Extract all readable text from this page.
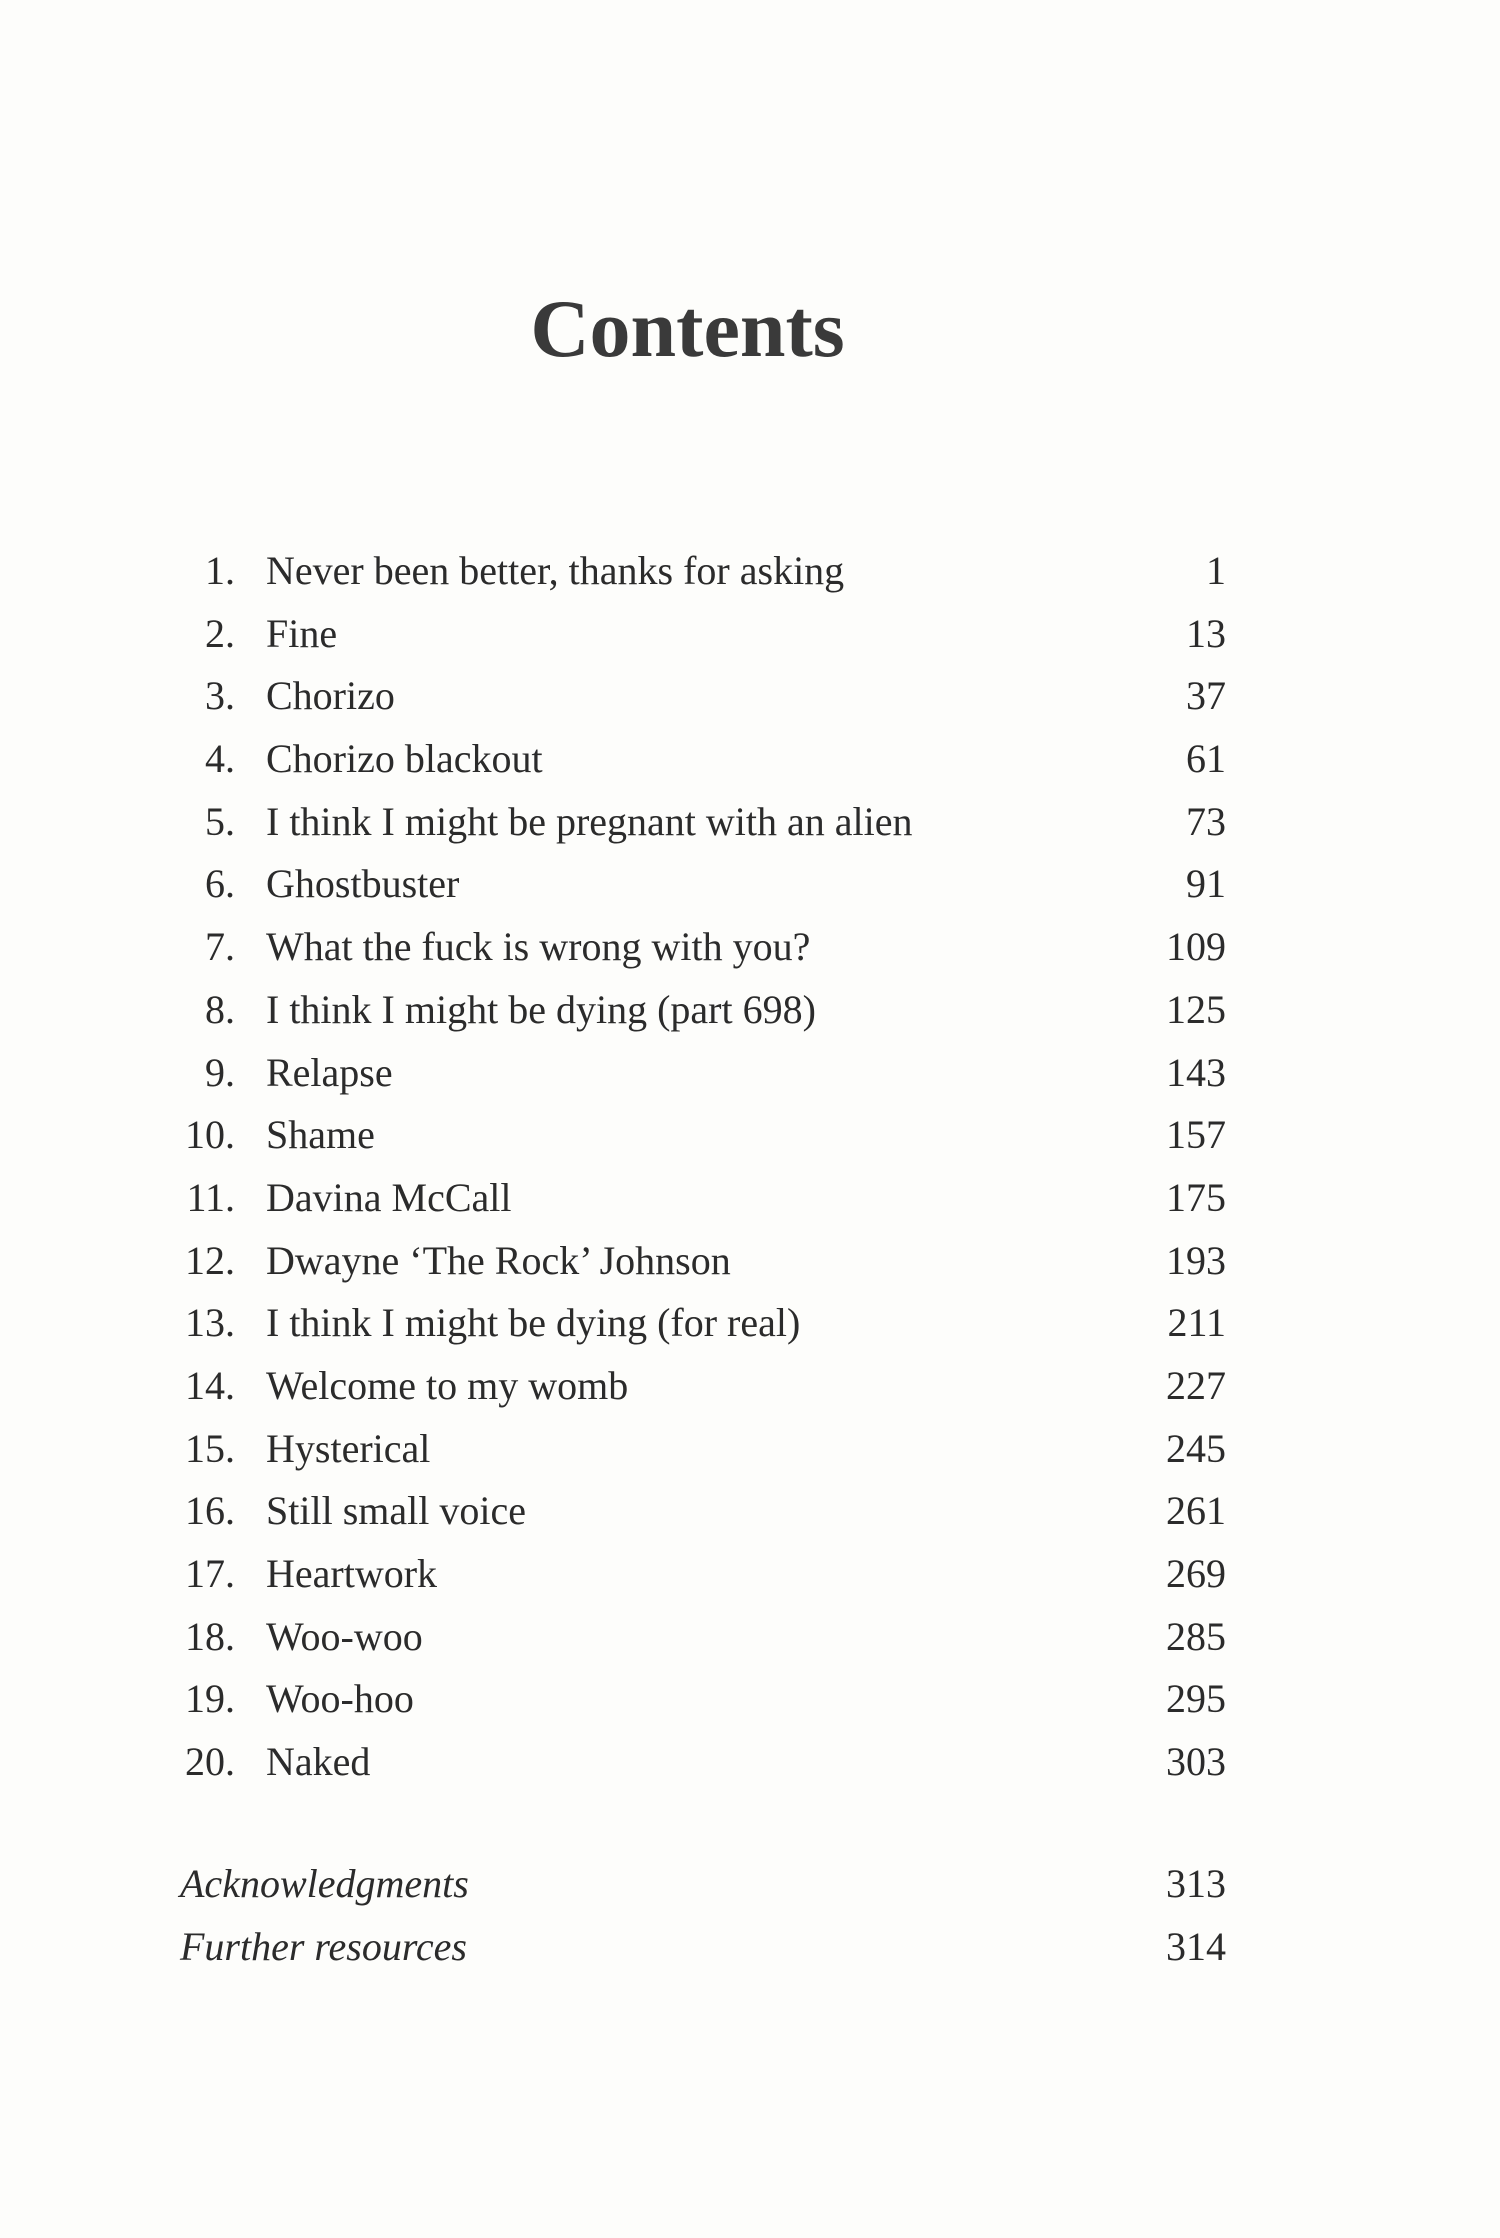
Contents
1. Never been better, thanks for asking	1
2. Fine	13
3. Chorizo	37
4. Chorizo blackout	61
5. I think I might be pregnant with an alien	73
6. Ghostbuster	91
7. What the fuck is wrong with you?	109
8. I think I might be dying (part 698)	125
9. Relapse	143
10. Shame	157
11. Davina McCall	175
12. Dwayne ‘The Rock’ Johnson	193
13. I think I might be dying (for real)	211
14. Welcome to my womb	227
15. Hysterical	245
16. Still small voice	261
17. Heartwork	269
18. Woo-woo	285
19. Woo-hoo	295
20. Naked	303
Acknowledgments	313
Further resources	314
